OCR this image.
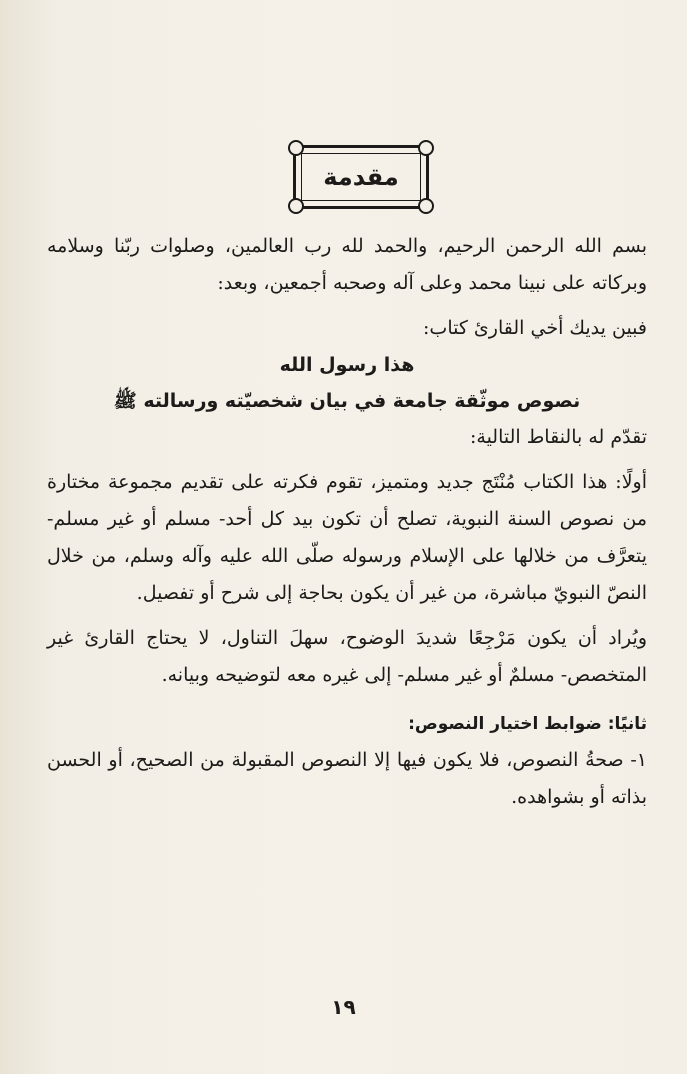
مقدمة

بسم الله الرحمن الرحيم، والحمد لله رب العالمين، وصلوات ربّنا وسلامه وبركاته على نبينا محمد وعلى آله وصحبه أجمعين، وبعد:

فبين يديك أخي القارئ كتاب:

هذا رسول الله
نصوص موثّقة جامعة في بيان شخصيّته ورسالته ﷺ

تقدّم له بالنقاط التالية:

أولًا: هذا الكتاب مُنْتَج جديد ومتميز، تقوم فكرته على تقديم مجموعة مختارة من نصوص السنة النبوية، تصلح أن تكون بيد كل أحد- مسلم أو غير مسلم- يتعرَّف من خلالها على الإسلام ورسوله صلّى الله عليه وآله وسلم، من خلال النصّ النبويّ مباشرة، من غير أن يكون بحاجة إلى شرح أو تفصيل.

ويُراد أن يكون مَرْجِعًا شديدَ الوضوح، سهلَ التناول، لا يحتاج القارئ غير المتخصص- مسلمٌ أو غير مسلم- إلى غيره معه لتوضيحه وبيانه.

ثانيًا: ضوابط اختيار النصوص:

١- صحةُ النصوص، فلا يكون فيها إلا النصوص المقبولة من الصحيح، أو الحسن بذاته أو بشواهده.

١٩
